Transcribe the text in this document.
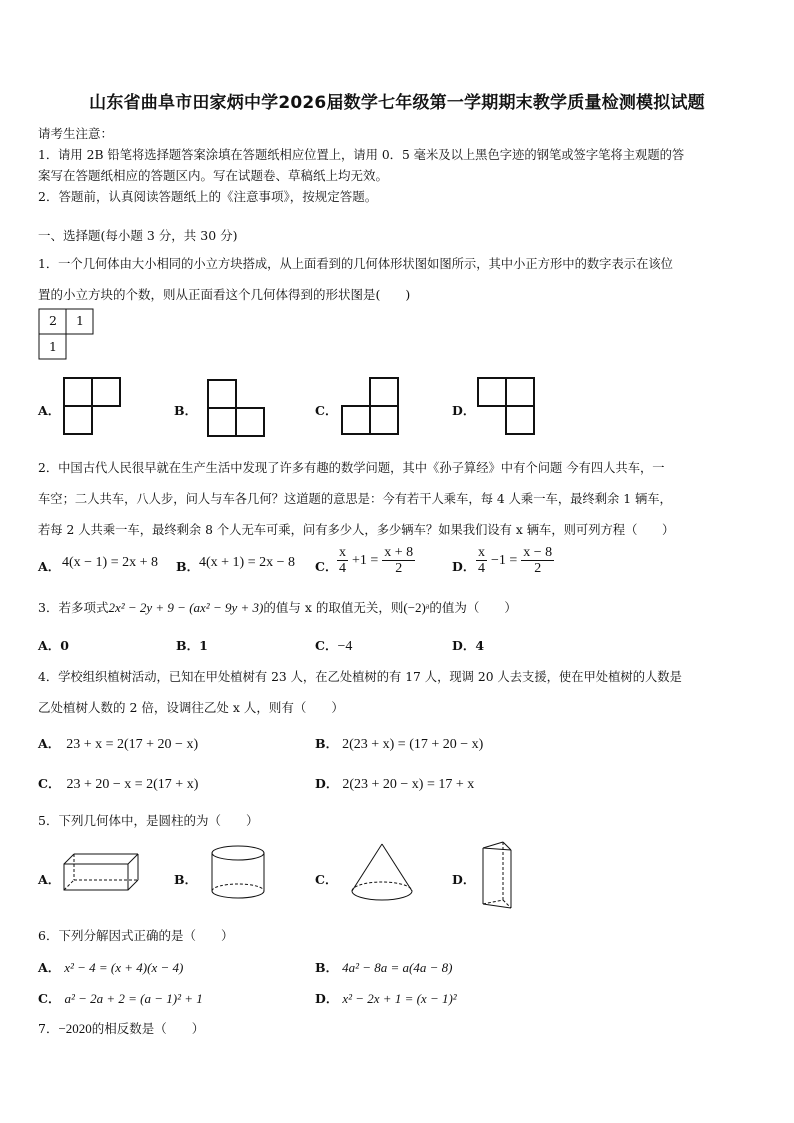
山东省曲阜市田家炳中学2026届数学七年级第一学期期末教学质量检测模拟试题
请考生注意：
1．请用 2B 铅笔将选择题答案涂填在答题纸相应位置上，请用 0．5 毫米及以上黑色字迹的钢笔或签字笔将主观题的答
案写在答题纸相应的答题区内。写在试题卷、草稿纸上均无效。
2．答题前，认真阅读答题纸上的《注意事项》，按规定答题。
一、选择题(每小题 3 分，共 30 分)
1．一个几何体由大小相同的小立方块搭成，从上面看到的几何体形状图如图所示，其中小正方形中的数字表示在该位
置的小立方块的个数，则从正面看这个几何体得到的形状图是(　　)
2 1
1
A．	B．	C．	D．
2．中国古代人民很早就在生产生活中发现了许多有趣的数学问题，其中《孙子算经》中有个问题 今有四人共车，一
车空；二人共车，八人步，问人与车各几何？这道题的意思是：今有若干人乘车，每 4 人乘一车，最终剩余 1 辆车，
若每 2 人共乘一车，最终剩余 8 个人无车可乘，问有多少人，多少辆车？如果我们设有 x 辆车，则可列方程（　　）
A． 4(x − 1) = 2x + 8 B． 4(x + 1) = 2x − 8 C． $\frac{x}{4} +1 = \frac{x + 8}{2}$	D． $\frac{x}{4} -1 = \frac{x - 8}{2}$
3．若多项式2x² − 2y + 9 − (ax² − 9y + 3)的值与 x 的取值无关，则(−2)ᵃ的值为（　　）
A．0	B．1	C．−4	D．4
4．学校组织植树活动，已知在甲处植树有 23 人，在乙处植树的有 17 人，现调 20 人去支援，使在甲处植树的人数是
乙处植树人数的 2 倍，设调往乙处 x 人，则有（　　）
A． 23 + x = 2(17 + 20 − x)	B． 2(23 + x) = (17 + 20 − x)
C． 23 + 20 − x = 2(17 + x)	D． 2(23 + 20 − x) = 17 + x
5．下列几何体中，是圆柱的为（　　）
A．	B．	C．	D．
6．下列分解因式正确的是（　　）
A． x² − 4 = (x + 4)(x − 4)	B． 4a² − 8a = a(4a − 8)
C． a² − 2a + 2 = (a − 1)² + 1	D． x² − 2x + 1 = (x − 1)²
7．−2020的相反数是（　　）
